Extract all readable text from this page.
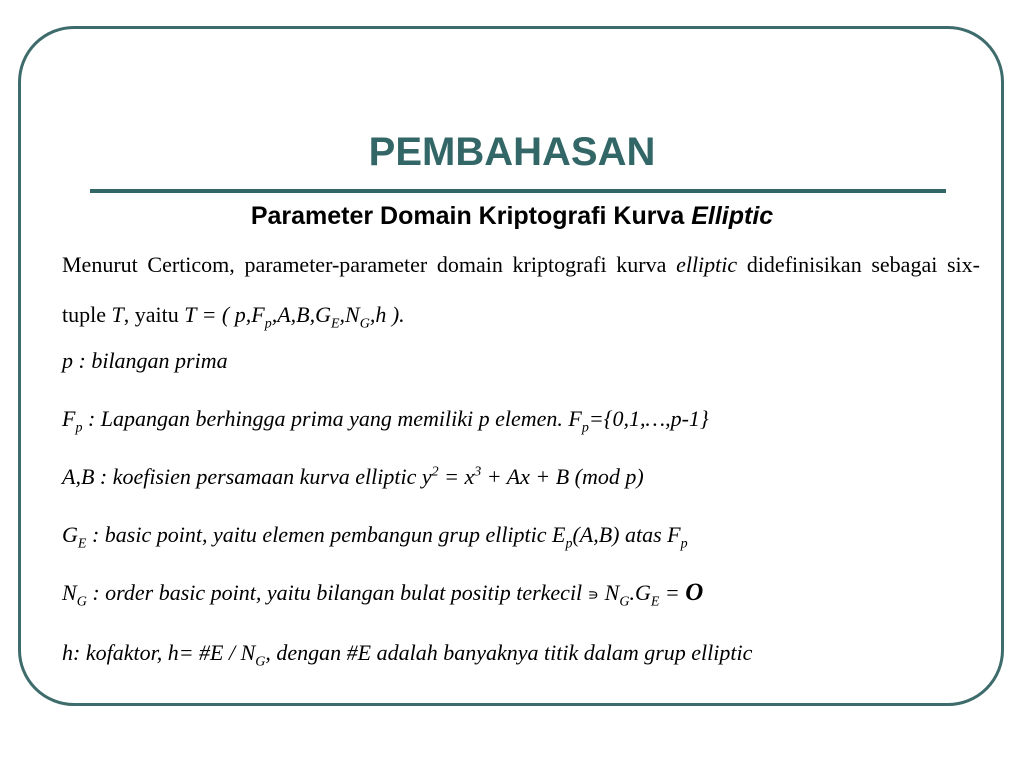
PEMBAHASAN
Parameter Domain Kriptografi Kurva Elliptic

Menurut Certicom, parameter-parameter domain kriptografi kurva elliptic didefinisikan sebagai six-tuple T, yaitu T = ( $p,F_p,A,B,G_E,N_G,h$ ).

p : bilangan prima

$F_p$ : Lapangan berhingga prima yang memiliki p elemen. $F_p=\{0,1,\dots,p-1\}$

A,B : koefisien persamaan kurva elliptic $y^2 = x^3 + Ax + B$ (mod p)

$G_E$ : basic point, yaitu elemen pembangun grup elliptic $E_p(A,B)$ atas $F_p$

$N_G$ : order basic point, yaitu bilangan bulat positip terkecil ∍ $N_G.G_E = O$

h: kofaktor, h= #E / $N_G$, dengan #E adalah banyaknya titik dalam grup elliptic
